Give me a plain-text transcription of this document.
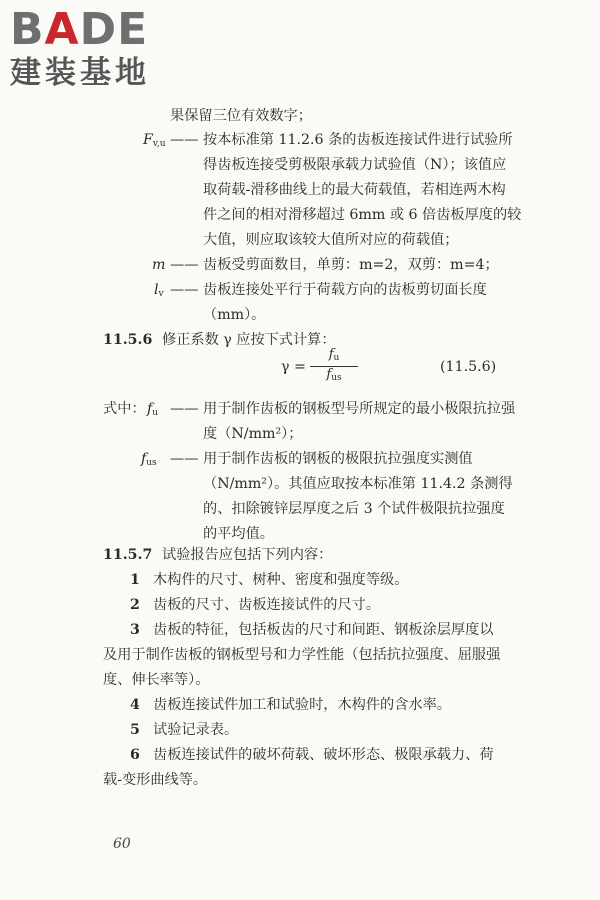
BADE
建装基地
果保留三位有效数字；
$F_{v,u}$ —— 按本标准第 11.2.6 条的齿板连接试件进行试验所
得齿板连接受剪极限承载力试验值（N）；该值应
取荷载-滑移曲线上的最大荷载值，若相连两木构
件之间的相对滑移超过 6mm 或 6 倍齿板厚度的较
大值，则应取该较大值所对应的荷载值；
m —— 齿板受剪面数目，单剪：m=2，双剪：m=4；
$l_v$ —— 齿板连接处平行于荷载方向的齿板剪切面长度
（mm）。
11.5.6 修正系数 γ 应按下式计算：
γ =
$f_u$
$f_{us}$
(11.5.6)
式中： $f_u$ —— 用于制作齿板的钢板型号所规定的最小极限抗拉强
度（N/mm²）；
$f_{us}$ —— 用于制作齿板的钢板的极限抗拉强度实测值
（N/mm²）。其值应取按本标准第 11.4.2 条测得
的、扣除镀锌层厚度之后 3 个试件极限抗拉强度
的平均值。
11.5.7 试验报告应包括下列内容：
1 木构件的尺寸、树种、密度和强度等级。
2 齿板的尺寸、齿板连接试件的尺寸。
3 齿板的特征，包括板齿的尺寸和间距、钢板涂层厚度以
及用于制作齿板的钢板型号和力学性能（包括抗拉强度、屈服强
度、伸长率等）。
4 齿板连接试件加工和试验时，木构件的含水率。
5 试验记录表。
6 齿板连接试件的破坏荷载、破坏形态、极限承载力、荷
载-变形曲线等。
60
